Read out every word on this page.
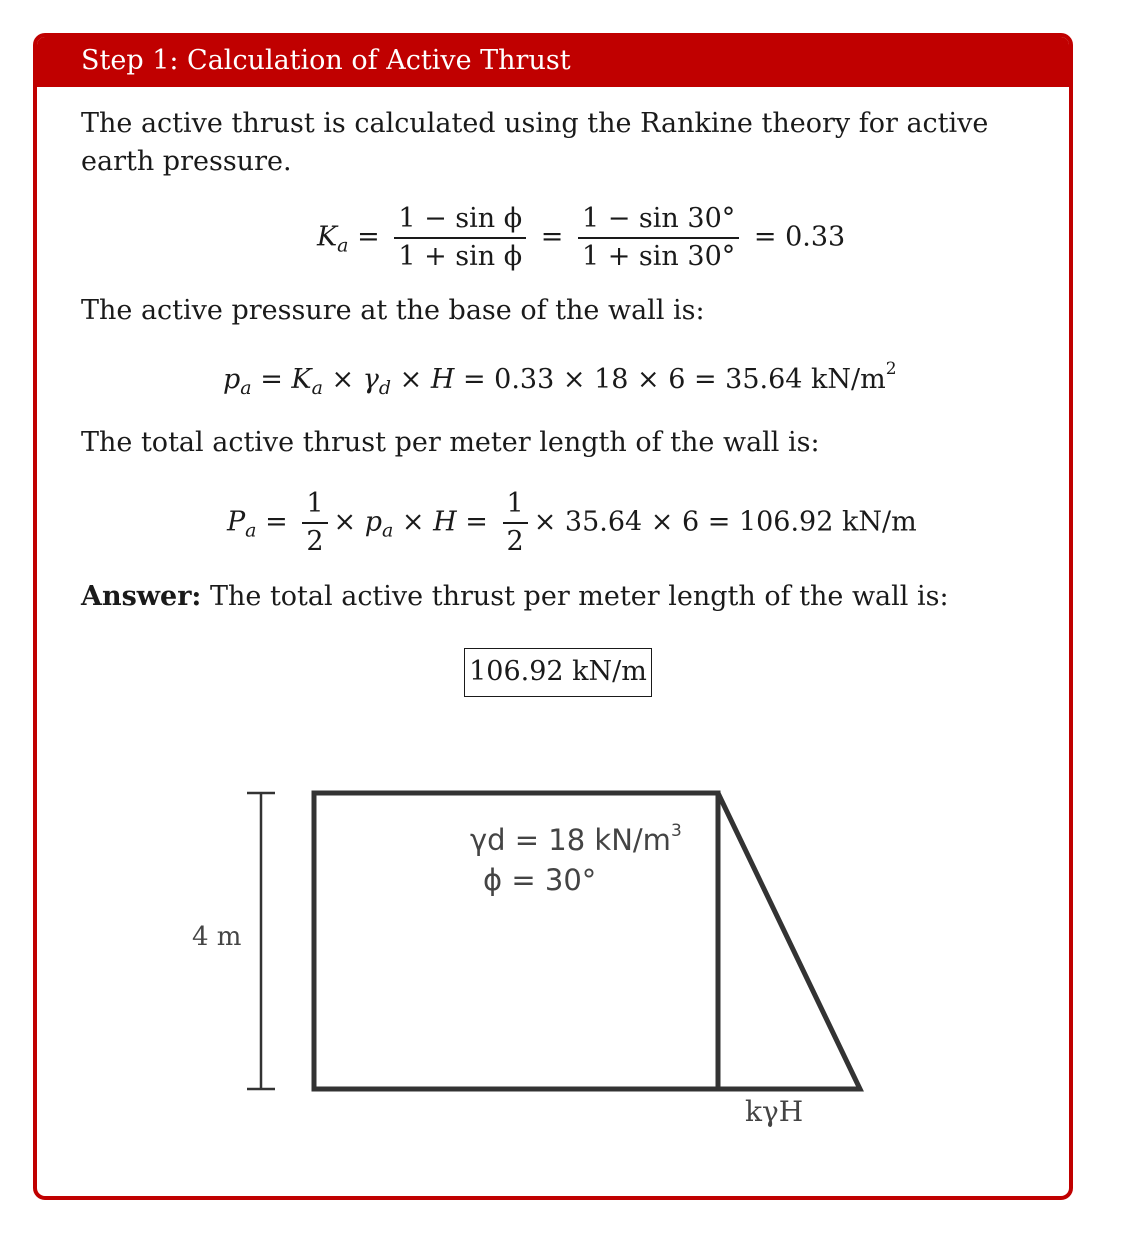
Step 1: Calculation of Active Thrust
The active thrust is calculated using the Rankine theory for active earth pressure.
$K_a = \frac{\text{1 − sin ϕ}}{\text{1 + sin ϕ}} = \frac{1 - \sin 30^\circ}{1 + \sin 30^\circ} = 0.33$
The active pressure at the base of the wall is:
$p_a = K_a \times \gamma_d \times H = 0.33 \times 18 \times 6 = 35.64$ $kN/m^2$
The total active thrust per meter length of the wall is:
$P_a = \frac{1}{2} \times p_a \times H = \frac{1}{2} \times 35.64 \times 6 = 106.92$ kN/m
Answer: The total active thrust per meter length of the wall is:
106.92 kN/m
4 m
γd = 18 $kN/m^3$
ϕ = 30°
kγH
